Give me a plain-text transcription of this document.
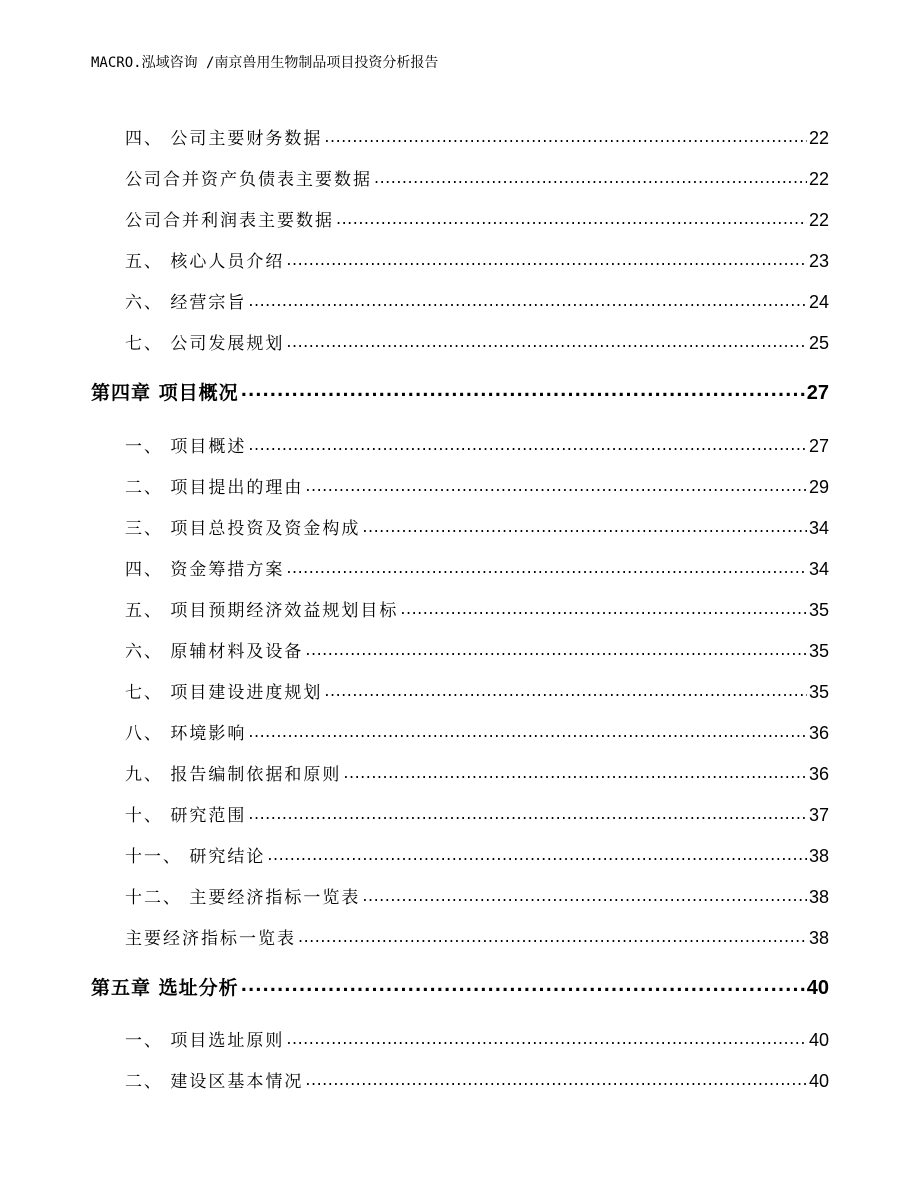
MACRO.泓域咨询 /南京兽用生物制品项目投资分析报告
四、 公司主要财务数据 .....	22
公司合并资产负债表主要数据 .....	22
公司合并利润表主要数据 .....	22
五、 核心人员介绍 .....	23
六、 经营宗旨 .....	24
七、 公司发展规划 .....	25
第四章 项目概况 .....	27
一、 项目概述 .....	27
二、 项目提出的理由 .....	29
三、 项目总投资及资金构成 .....	34
四、 资金筹措方案 .....	34
五、 项目预期经济效益规划目标 .....	35
六、 原辅材料及设备 .....	35
七、 项目建设进度规划 .....	35
八、 环境影响 .....	36
九、 报告编制依据和原则 .....	36
十、 研究范围 .....	37
十一、 研究结论 .....	38
十二、 主要经济指标一览表 .....	38
主要经济指标一览表 .....	38
第五章 选址分析 .....	40
一、 项目选址原则 .....	40
二、 建设区基本情况 .....	40
